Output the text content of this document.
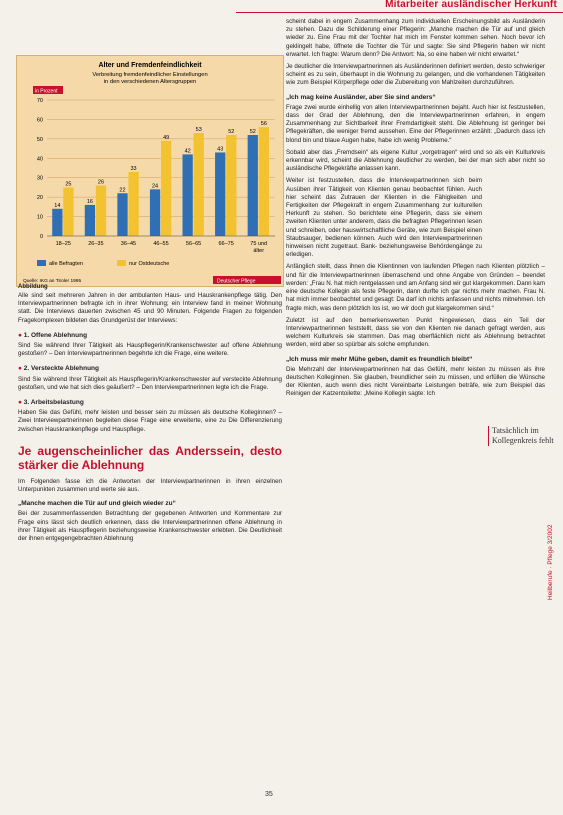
Mitarbeiter ausländischer Herkunft
Alter und Fremdenfeindlichkeit
Verbreitung fremdenfeindlicher Einstellungen
in den verschiedenen Altersgruppen
in Prozent
0
10
20
30
40
50
60
70
14
25
18–25
16
26
26–35
22
33
36–45
24
49
46–55
42
53
56–65
43
52
66–75
52
56
75 und
älter
alle Befragten	nur Ostdeutsche
Quelle: IKG an Tiroler 1995	Deutscher Pflege
Abbildung

Alle sind seit mehreren Jahren in der ambulanten Haus- und Hauskrankenpflege tätig. Den Interviewpartnerinnen befragte ich in ihrer Wohnung; ein Interview fand in meiner Wohnung statt. Die Interviews dauerten zwischen 45 und 90 Minuten. Folgende Fragen zu folgenden Fragekomplexen bildeten das Grundgerüst der Interviews:

● 1. Offene Ablehnung

Sind Sie während Ihrer Tätigkeit als Hauspflegerin/Krankenschwester auf offene Ablehnung gestoßen? – Den Interviewpartnerinnen begehrte ich die Frage, eine weitere.

● 2. Versteckte Ablehnung

Sind Sie während Ihrer Tätigkeit als Hauspflegerin/Krankenschwester auf versteckte Ablehnung gestoßen, und wie hat sich dies geäußert? – Den Interviewpartnerinnen legte ich die Frage.

● 3. Arbeitsbelastung

Haben Sie das Gefühl, mehr leisten und besser sein zu müssen als deutsche Kolleginnen? – Zwei Interviewpartnerinnen begleiten diese Frage eine erweiterte, eine zu Die Differenzierung zwischen Hauskrankenpflege und Hauspflege.

Je augenscheinlicher das Anderssein, desto stärker die Ablehnung

Im Folgenden fasse ich die Antworten der Interviewpartnerinnen in ihren einzelnen Unterpunkten zusammen und werte sie aus.

„Manche machen die Tür auf und gleich wieder zu“

Bei der zusammenfassenden Betrachtung der gegebenen Antworten und Kommentare zur Frage eins lässt sich deutlich erkennen, dass die Interviewpartnerinnen offene Ablehnung in ihrer Tätigkeit als Hauspflegerin beziehungsweise Krankenschwester erlebten. Die Deutlichkeit der ihnen entgegengebrachten Ablehnung

scheint dabei in engem Zusammenhang zum individuellen Erscheinungsbild als Ausländerin zu stehen. Dazu die Schilderung einer Pflegerin: „Manche machen die Tür auf und gleich wieder zu. Eine Frau mit der Tochter hat mich im Fenster kommen sehen. Noch bevor ich geklingelt habe, öffnete die Tochter die Tür und sagte: Sie sind Pflegerin haben wir nicht erwartet. Ich fragte: Warum denn? Die Antwort: Na, so eine haben wir nicht erwartet.“

Je deutlicher die Interviewpartnerinnen als Ausländerinnen definiert werden, desto schwieriger scheint es zu sein, überhaupt in die Wohnung zu gelangen, und die vorhandenen Tätigkeiten wie zum Beispiel Körperpflege oder die Zubereitung von Mahlzeiten durchzuführen.

„Ich mag keine Ausländer, aber Sie sind anders“

Frage zwei wurde einhellig von allen Interviewpartnerinnen bejaht. Auch hier ist festzustellen, dass der Grad der Ablehnung, den die Interviewpartnerinnen erfahren, in engem Zusammenhang zur Sichtbarkeit ihrer Fremdartigkeit steht. Die Ablehnung ist geringer bei Pflegekräften, die weniger fremd aussehen. Eine der Pflegerinnen erzählt: „Dadurch dass ich blond bin und blaue Augen habe, habe ich wenig Probleme.“

Sobald aber das „Fremdsein“ als eigene Kultur „vorgetragen“ wird und so als ein Kulturkreis erkennbar wird, scheint die Ablehnung deutlicher zu werden, bei der man sich aber nicht so ausländische Pflegekräfte anlassen kann.

Weiter ist festzustellen, dass die Interviewpartnerinnen sich beim Ausüben ihrer Tätigkeit von Klienten genau beobachtet fühlen. Auch hier scheint das Zutrauen der Klienten in die Fähigkeiten und Fertigkeiten der Pflegekraft in engem Zusammenhang zur kulturellen Herkunft zu stehen. So berichtete eine Pflegerin, dass sie einem zweiten Klienten unter anderem, dass die befragten Pflegerinnen lesen und schreiben, oder hauswirtschaftliche Geräte, wie zum Beispiel einen Staubsauger, bedienen können. Auch wird den Interviewpartnerinnen hinweisen nicht zugetraut. Bank- beziehungsweise Behördengänge zu erledigen.

Anfänglich stellt, dass ihnen die Klientinnen von laufenden Pflegen nach Klienten plötzlich – und für die Interviewpartnerinnen überraschend und ohne Angabe von Gründen – beendet werden: „Frau N. hat mich rentgelassen und am Anfang sind wir gut klargekommen. Dann kam eine deutsche Kollegin als feste Pflegerin, dann durfte ich gar nichts mehr machen. Frau N. hat mich immer beobachtet und gesagt: Da darf ich nichts anfassen und nichts mitnehmen. Ich fragte mich, was denn plötzlich los ist, wo wir doch gut klargekommen sind.“

Zuletzt ist auf den bemerkenswerten Punkt hingewiesen, dass ein Teil der Interviewpartnerinnen feststellt, dass sie von den Klienten nie danach gefragt werden, aus welchem Kulturkreis sie stammen. Das mag oberflächlich nicht als Ablehnung betrachtet werden, wird aber so spürbar als solche empfunden.

„Ich muss mir mehr Mühe geben, damit es freundlich bleibt“

Die Mehrzahl der Interviewpartnerinnen hat das Gefühl, mehr leisten zu müssen als ihre deutschen Kolleginnen. Sie glauben, freundlicher sein zu müssen, und erfüllen die Wünsche der Klienten, auch wenn dies nicht Vereinbarte Leistungen beträfe, wie zum Beispiel das Reinigen der Katzentoilette: „Meine Kollegin sagte: Ich

Tatsächlich im Kollegenkreis fehlt
Heilberufe · Pflege 3/2002
35
